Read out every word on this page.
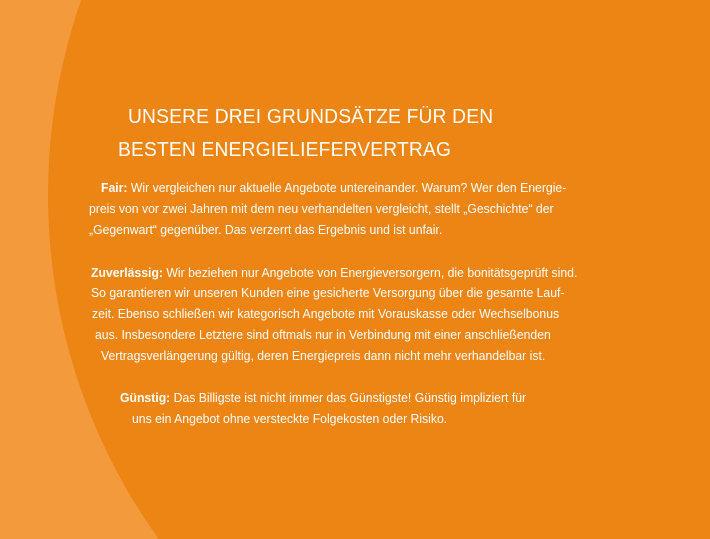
UNSERE DREI GRUNDSÄTZE FÜR DEN
BESTEN ENERGIELIEFERVERTRAG

Fair: Wir vergleichen nur aktuelle Angebote untereinander. Warum? Wer den Energie-

preis von vor zwei Jahren mit dem neu verhandelten vergleicht, stellt „Geschichte“ der

„Gegenwart“ gegenüber. Das verzerrt das Ergebnis und ist unfair.

Zuverlässig: Wir beziehen nur Angebote von Energieversorgern, die bonitätsgeprüft sind.

So garantieren wir unseren Kunden eine gesicherte Versorgung über die gesamte Lauf-

zeit. Ebenso schließen wir kategorisch Angebote mit Vorauskasse oder Wechselbonus

aus. Insbesondere Letztere sind oftmals nur in Verbindung mit einer anschließenden

Vertragsverlängerung gültig, deren Energiepreis dann nicht mehr verhandelbar ist.

Günstig: Das Billigste ist nicht immer das Günstigste! Günstig impliziert für

uns ein Angebot ohne versteckte Folgekosten oder Risiko.
